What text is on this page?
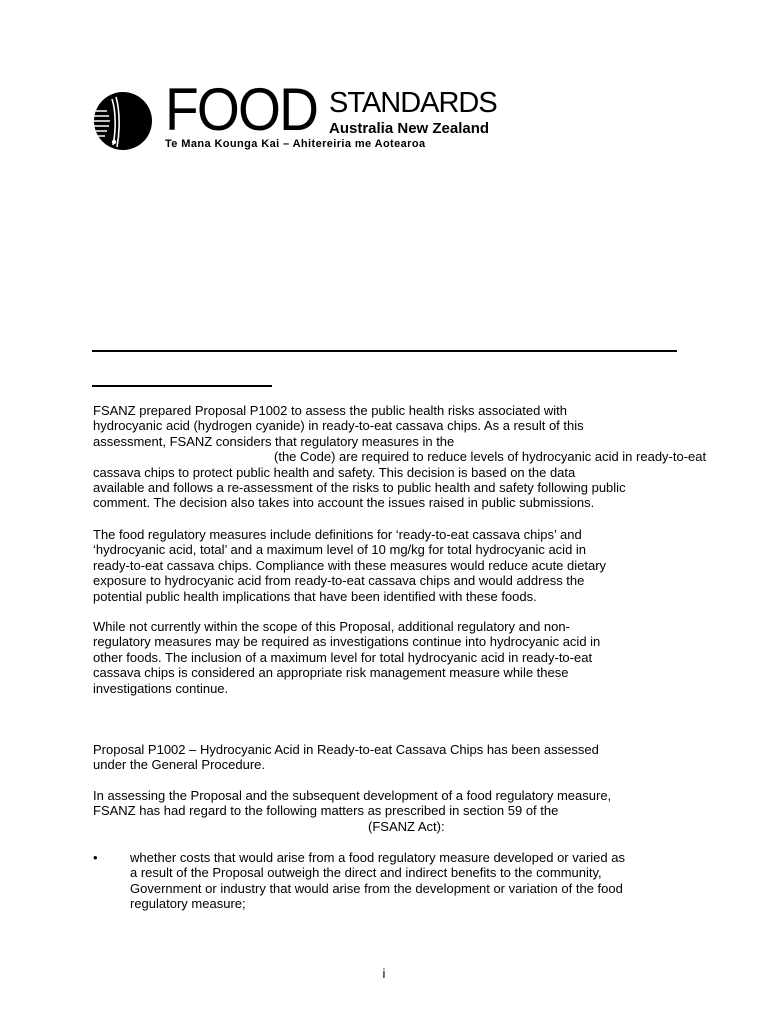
FOOD STANDARDS
Australia New Zealand
Te Mana Kounga Kai – Ahitereiria me Aotearoa

FSANZ prepared Proposal P1002 to assess the public health risks associated with
hydrocyanic acid (hydrogen cyanide) in ready-to-eat cassava chips. As a result of this
assessment, FSANZ considers that regulatory measures in the
(the Code) are required to reduce levels of hydrocyanic acid in ready-to-eat
cassava chips to protect public health and safety. This decision is based on the data
available and follows a re-assessment of the risks to public health and safety following public
comment. The decision also takes into account the issues raised in public submissions.

The food regulatory measures include definitions for ‘ready-to-eat cassava chips’ and
‘hydrocyanic acid, total’ and a maximum level of 10 mg/kg for total hydrocyanic acid in
ready-to-eat cassava chips. Compliance with these measures would reduce acute dietary
exposure to hydrocyanic acid from ready-to-eat cassava chips and would address the
potential public health implications that have been identified with these foods.

While not currently within the scope of this Proposal, additional regulatory and non-
regulatory measures may be required as investigations continue into hydrocyanic acid in
other foods. The inclusion of a maximum level for total hydrocyanic acid in ready-to-eat
cassava chips is considered an appropriate risk management measure while these
investigations continue.

Proposal P1002 – Hydrocyanic Acid in Ready-to-eat Cassava Chips has been assessed
under the General Procedure.

In assessing the Proposal and the subsequent development of a food regulatory measure,
FSANZ has had regard to the following matters as prescribed in section 59 of the
(FSANZ Act):

•	whether costs that would arise from a food regulatory measure developed or varied as
a result of the Proposal outweigh the direct and indirect benefits to the community,
Government or industry that would arise from the development or variation of the food
regulatory measure;
i
